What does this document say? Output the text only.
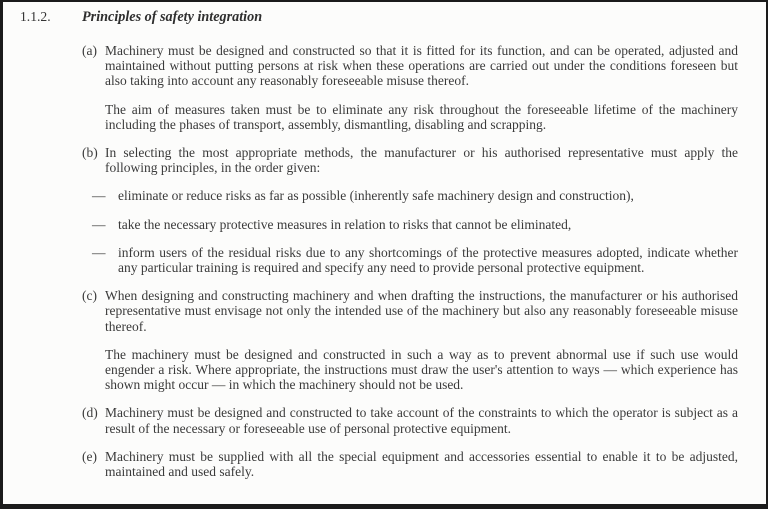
1.1.2.	Principles of safety integration
(a) Machinery must be designed and constructed so that it is fitted for its function, and can be operated, adjusted and maintained without putting persons at risk when these operations are carried out under the conditions foreseen but also taking into account any reasonably foreseeable misuse thereof.

The aim of measures taken must be to eliminate any risk throughout the foreseeable lifetime of the machinery including the phases of transport, assembly, dismantling, disabling and scrapping.

(b) In selecting the most appropriate methods, the manufacturer or his authorised representative must apply the following principles, in the order given:

— eliminate or reduce risks as far as possible (inherently safe machinery design and construction),
— take the necessary protective measures in relation to risks that cannot be eliminated,
— inform users of the residual risks due to any shortcomings of the protective measures adopted, indicate whether any particular training is required and specify any need to provide personal protective equipment.
(c) When designing and constructing machinery and when drafting the instructions, the manufacturer or his authorised representative must envisage not only the intended use of the machinery but also any reasonably foreseeable misuse thereof.

The machinery must be designed and constructed in such a way as to prevent abnormal use if such use would engender a risk. Where appropriate, the instructions must draw the user's attention to ways — which experience has shown might occur — in which the machinery should not be used.

(d) Machinery must be designed and constructed to take account of the constraints to which the operator is subject as a result of the necessary or foreseeable use of personal protective equipment.

(e) Machinery must be supplied with all the special equipment and accessories essential to enable it to be adjusted, maintained and used safely.
